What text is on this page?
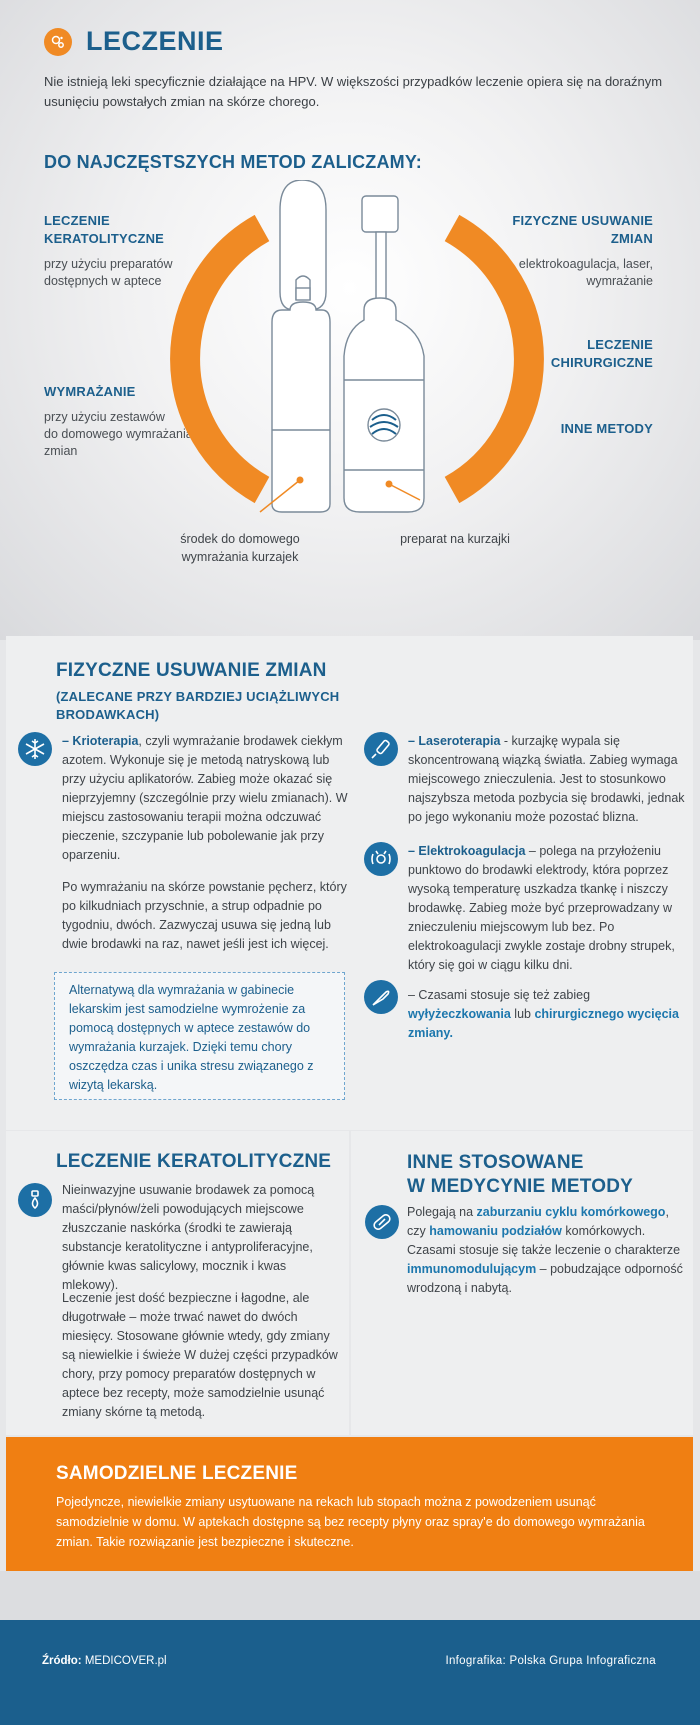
LECZENIE
Nie istnieją leki specyficznie działające na HPV. W większości przypadków leczenie opiera się na doraźnym usunięciu powstałych zmian na skórze chorego.
DO NAJCZĘSTSZYCH METOD ZALICZAMY:
LECZENIE
KERATOLITYCZNE
przy użyciu preparatów
dostępnych w aptece
WYMRAŻANIE
przy użyciu zestawów
do domowego wymrażania
zmian
FIZYCZNE USUWANIE
ZMIAN
elektrokoagulacja, laser,
wymrażanie
LECZENIE
CHIRURGICZNE
INNE METODY
środek do domowego
wymrażania kurzajek
preparat na kurzajki
FIZYCZNE USUWANIE ZMIAN
(ZALECANE PRZY BARDZIEJ UCIĄŻLIWYCH
BRODAWKACH)
– Krioterapia, czyli wymrażanie brodawek ciekłym azotem. Wykonuje się je metodą natryskową lub przy użyciu aplikatorów. Zabieg może okazać się nieprzyjemny (szczególnie przy wielu zmianach). W miejscu zastosowaniu terapii można odczuwać pieczenie, szczypanie lub pobolewanie jak przy oparzeniu.
Po wymrażaniu na skórze powstanie pęcherz, który po kilkudniach przyschnie, a strup odpadnie po tygodniu, dwóch. Zazwyczaj usuwa się jedną lub dwie brodawki na raz, nawet jeśli jest ich więcej.
Alternatywą dla wymrażania w gabinecie lekarskim jest samodzielne wymrożenie za pomocą dostępnych w aptece zestawów do wymrażania kurzajek. Dzięki temu chory oszczędza czas i unika stresu związanego z wizytą lekarską.
– Laseroterapia - kurzajkę wypala się skoncentrowaną wiązką światła. Zabieg wymaga miejscowego znieczulenia. Jest to stosunkowo najszybsza metoda pozbycia się brodawki, jednak po jego wykonaniu może pozostać blizna.
– Elektrokoagulacja – polega na przyłożeniu punktowo do brodawki elektrody, która poprzez wysoką temperaturę uszkadza tkankę i niszczy brodawkę. Zabieg może być przeprowadzany w znieczuleniu miejscowym lub bez. Po elektrokoagulacji zwykle zostaje drobny strupek, który się goi w ciągu kilku dni.
– Czasami stosuje się też zabieg wyłyżeczkowania lub chirurgicznego wycięcia zmiany.
LECZENIE KERATOLITYCZNE
Nieinwazyjne usuwanie brodawek za pomocą maści/płynów/żeli powodujących miejscowe złuszczanie naskórka (środki te zawierają substancje keratolityczne i antyproliferacyjne, głównie kwas salicylowy, mocznik i kwas mlekowy).
Leczenie jest dość bezpieczne i łagodne, ale długotrwałe – może trwać nawet do dwóch miesięcy. Stosowane głównie wtedy, gdy zmiany są niewielkie i świeże W dużej części przypadków chory, przy pomocy preparatów dostępnych w aptece bez recepty, może samodzielnie usunąć zmiany skórne tą metodą.
INNE STOSOWANE
W MEDYCYNIE METODY
Polegają na zaburzaniu cyklu komórkowego, czy hamowaniu podziałów komórkowych. Czasami stosuje się także leczenie o charakterze immunomodulującym – pobudzające odporność wrodzoną i nabytą.
SAMODZIELNE LECZENIE
Pojedyncze, niewielkie zmiany usytuowane na rekach lub stopach można z powodzeniem usunąć samodzielnie w domu. W aptekach dostępne są bez recepty płyny oraz spray'e do domowego wymrażania zmian. Takie rozwiązanie jest bezpieczne i skuteczne.
Źródło: MEDICOVER.pl	Infografika: Polska Grupa Infograficzna
